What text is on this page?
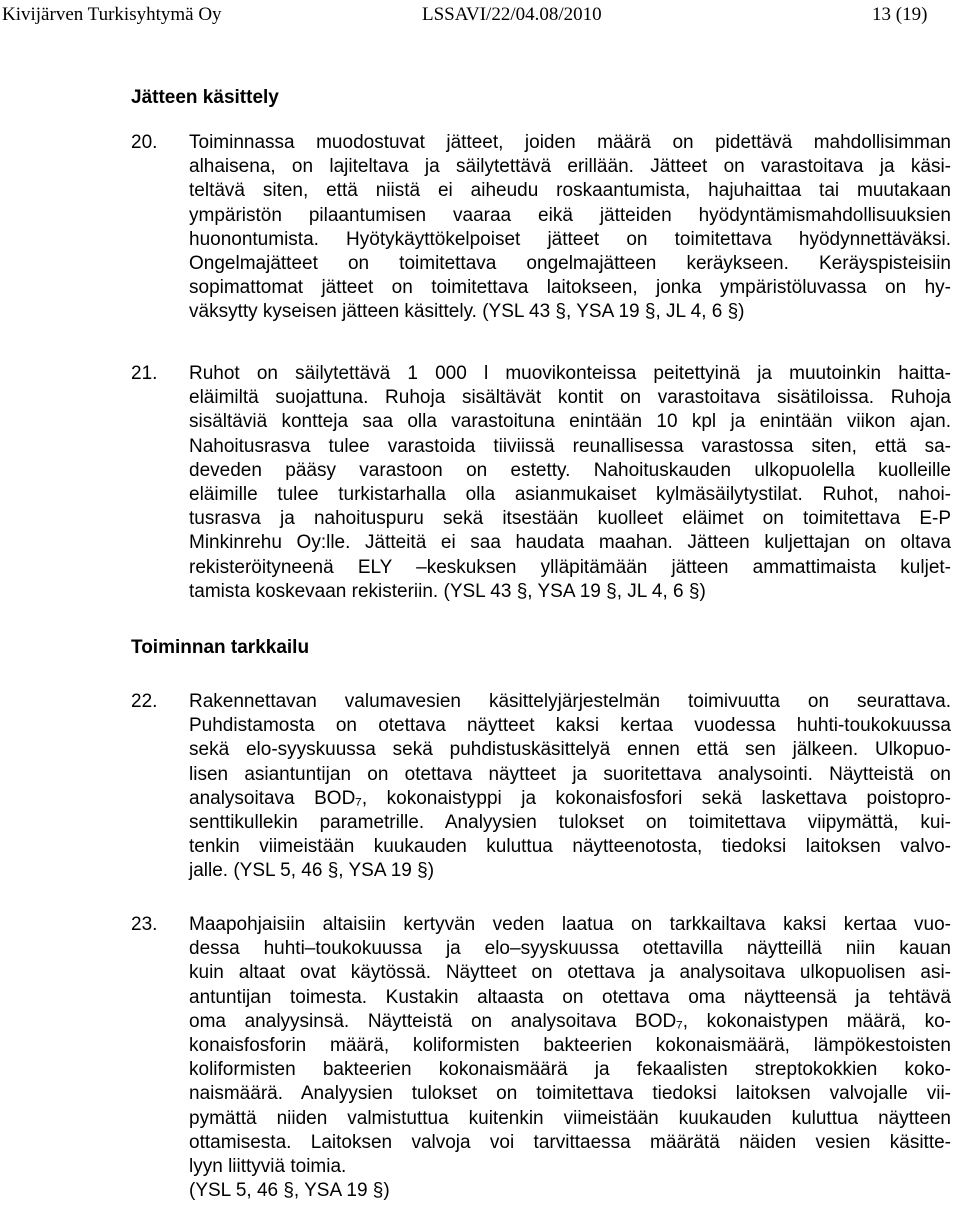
Kivijärven Turkisyhtymä Oy	LSSAVI/22/04.08/2010	13 (19)
Jätteen käsittely
20. Toiminnassa muodostuvat jätteet, joiden määrä on pidettävä mahdollisimman
alhaisena, on lajiteltava ja säilytettävä erillään. Jätteet on varastoitava ja käsi-
teltävä siten, että niistä ei aiheudu roskaantumista, hajuhaittaa tai muutakaan
ympäristön pilaantumisen vaaraa eikä jätteiden hyödyntämismahdollisuuksien
huonontumista. Hyötykäyttökelpoiset jätteet on toimitettava hyödynnettäväksi.
Ongelmajätteet on toimitettava ongelmajätteen keräykseen. Keräyspisteisiin
sopimattomat jätteet on toimitettava laitokseen, jonka ympäristöluvassa on hy-
väksytty kyseisen jätteen käsittely. (YSL 43 §, YSA 19 §, JL 4, 6 §)
21. Ruhot on säilytettävä 1 000 l muovikonteissa peitettyinä ja muutoinkin haitta-
eläimiltä suojattuna. Ruhoja sisältävät kontit on varastoitava sisätiloissa. Ruhoja
sisältäviä kontteja saa olla varastoituna enintään 10 kpl ja enintään viikon ajan.
Nahoitusrasva tulee varastoida tiiviissä reunallisessa varastossa siten, että sa-
deveden pääsy varastoon on estetty. Nahoituskauden ulkopuolella kuolleille
eläimille tulee turkistarhalla olla asianmukaiset kylmäsäilytystilat. Ruhot, nahoi-
tusrasva ja nahoituspuru sekä itsestään kuolleet eläimet on toimitettava E-P
Minkinrehu Oy:lle. Jätteitä ei saa haudata maahan. Jätteen kuljettajan on oltava
rekisteröityneenä ELY –keskuksen ylläpitämään jätteen ammattimaista kuljet-
tamista koskevaan rekisteriin. (YSL 43 §, YSA 19 §, JL 4, 6 §)
Toiminnan tarkkailu
22. Rakennettavan valumavesien käsittelyjärjestelmän toimivuutta on seurattava.
Puhdistamosta on otettava näytteet kaksi kertaa vuodessa huhti-toukokuussa
sekä elo-syyskuussa sekä puhdistuskäsittelyä ennen että sen jälkeen. Ulkopuo-
lisen asiantuntijan on otettava näytteet ja suoritettava analysointi. Näytteistä on
analysoitava BOD₇, kokonaistyppi ja kokonaisfosfori sekä laskettava poistopro-
senttikullekin parametrille. Analyysien tulokset on toimitettava viipymättä, kui-
tenkin viimeistään kuukauden kuluttua näytteenotosta, tiedoksi laitoksen valvo-
jalle. (YSL 5, 46 §, YSA 19 §)
23. Maapohjaisiin altaisiin kertyvän veden laatua on tarkkailtava kaksi kertaa vuo-
dessa huhti–toukokuussa ja elo–syyskuussa otettavilla näytteillä niin kauan
kuin altaat ovat käytössä. Näytteet on otettava ja analysoitava ulkopuolisen asi-
antuntijan toimesta. Kustakin altaasta on otettava oma näytteensä ja tehtävä
oma analyysinsä. Näytteistä on analysoitava BOD₇, kokonaistypen määrä, ko-
konaisfosforin määrä, koliformisten bakteerien kokonaismäärä, lämpökestoisten
koliformisten bakteerien kokonaismäärä ja fekaalisten streptokokkien koko-
naismäärä. Analyysien tulokset on toimitettava tiedoksi laitoksen valvojalle vii-
pymättä niiden valmistuttua kuitenkin viimeistään kuukauden kuluttua näytteen
ottamisesta. Laitoksen valvoja voi tarvittaessa määrätä näiden vesien käsitte-
lyyn liittyviä toimia.
(YSL 5, 46 §, YSA 19 §)
